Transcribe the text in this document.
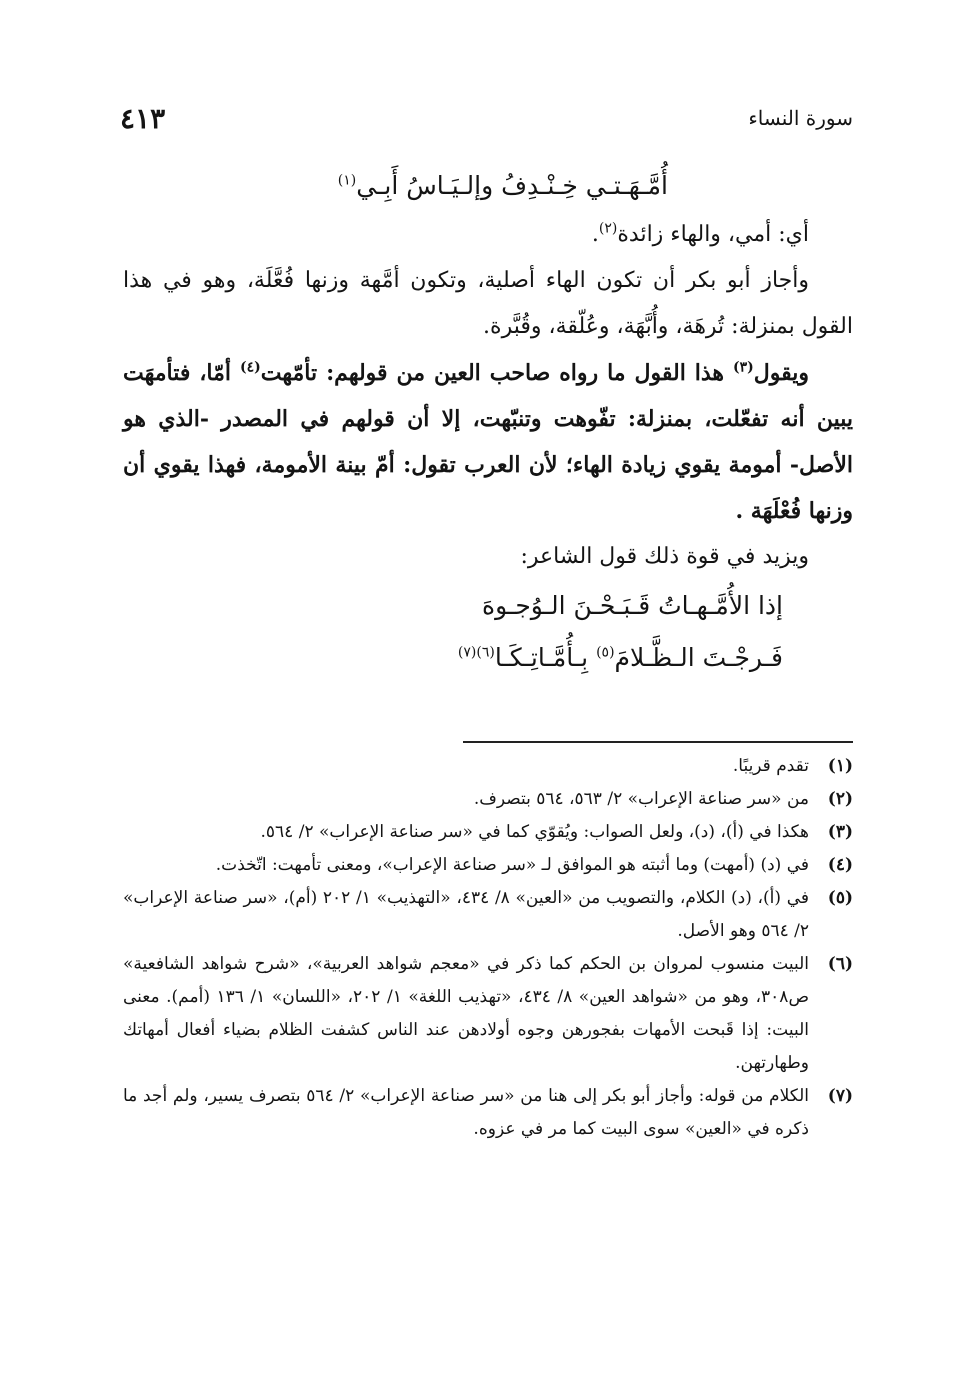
سورة النساء
٤١٣

أُمَّـهَـتـي خِـنْـدِفُ وإلـيَـاسُ أَبِـي$^{(١)}$

أي: أمي، والهاء زائدة$^{(٢)}$.

وأجاز أبو بكر أن تكون الهاء أصلية، وتكون أمَّهة وزنها فُعَّلَة، وهو في هذا القول بمنزلة: تُرهَة، وأُبَّهَة، وعُلّقة، وقُبَّرة.

ويقول$^{(٣)}$ هذا القول ما رواه صاحب العين من قولهم: تأمّهت$^{(٤)}$ أمّا، فتأمهَت يبين أنه تفعّلت، بمنزلة: تفّوهت وتنبّهت، إلا أن قولهم في المصدر -الذي هو الأصل- أمومة يقوي زيادة الهاء؛ لأن العرب تقول: أمّ بينة الأمومة، فهذا يقوي أن وزنها فُعْلَهَة .

ويزيد في قوة ذلك قول الشاعر:

إذا الأُمَّـهـاتُ قَـبَـحْـنَ الـوُجـوهَ

فَـرجْـتَ الـظَّـلامَ$^{(٥)}$ بِـأُمَّـاتِـكَـا$^{(٦)(٧)}$

(١)
تقدم قريبًا.

(٢)
من «سر صناعة الإعراب» ٢/ ٥٦٣، ٥٦٤ بتصرف.

(٣)
هكذا في (أ)، (د)، ولعل الصواب: ويُقوّي كما في «سر صناعة الإعراب» ٢/ ٥٦٤.

(٤)
في (د) (أمهت) وما أثبته هو الموافق لـ «سر صناعة الإعراب»، ومعنى تأمهت: اتّخذت.

(٥)
في (أ)، (د) الكلام، والتصويب من «العين» ٨/ ٤٣٤، «التهذيب» ١/ ٢٠٢ (أم)، «سر صناعة الإعراب» ٢/ ٥٦٤ وهو الأصل.

(٦)
البيت منسوب لمروان بن الحكم كما ذكر في «معجم شواهد العربية»، «شرح شواهد الشافعية» ص٣٠٨، وهو من «شواهد العين» ٨/ ٤٣٤، «تهذيب اللغة» ١/ ٢٠٢، «اللسان» ١/ ١٣٦ (أمم). معنى البيت: إذا قَبحت الأمهات بفجورهن وجوه أولادهن عند الناس كشفت الظلام بضياء أفعال أمهاتك وطهارتهن.

(٧)
الكلام من قوله: وأجاز أبو بكر إلى هنا من «سر صناعة الإعراب» ٢/ ٥٦٤ بتصرف يسير، ولم أجد ما ذكره في «العين» سوى البيت كما مر في عزوه.
